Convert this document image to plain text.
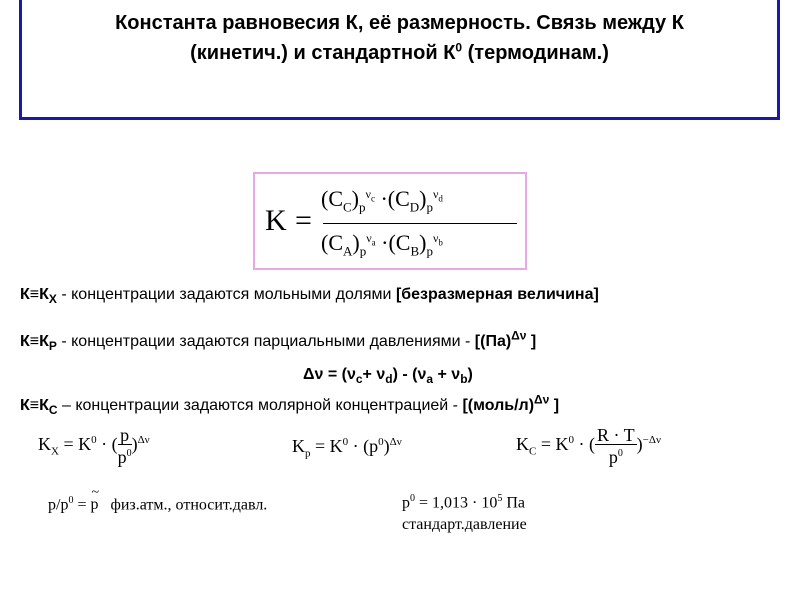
Константа равновесия К, её размерность. Связь между К
(кинетич.) и стандартной $К^0$ (термодинам.)
K =
$(C_C)_p^{\nu_c} \cdot(C_D)_p^{\nu_d}$
$(C_A)_p^{\nu_a} \cdot(C_B)_p^{\nu_b}$
$К\equiv К_X$ - концентрации задаются мольными долями [безразмерная величина]
$К\equiv К_P$ - концентрации задаются парциальными давлениями - [(Па)$^{\Delta\nu}$ ]
$\Delta\nu = (\nu_c+ \nu_d) - (\nu_a + \nu_b)$
$К\equiv К_C$ – концентрации задаются молярной концентрацией - [(моль/л)$^{\Delta\nu}$ ]
$K_X = K^0$ · ( $\frac{p}{p^0} )^{\Delta\nu}$	$K_p = K^0 \cdot (p^0)^{\Delta\nu}$	$K_C = K^0$ · ( $\frac{R \cdot T}{p^0} )^{-\Delta\nu}$
$p/p^0$ = ~ p физ.атм., относит.давл.	$p^0 = 1,013 \cdot 10^5$ Па
стандарт.давление
